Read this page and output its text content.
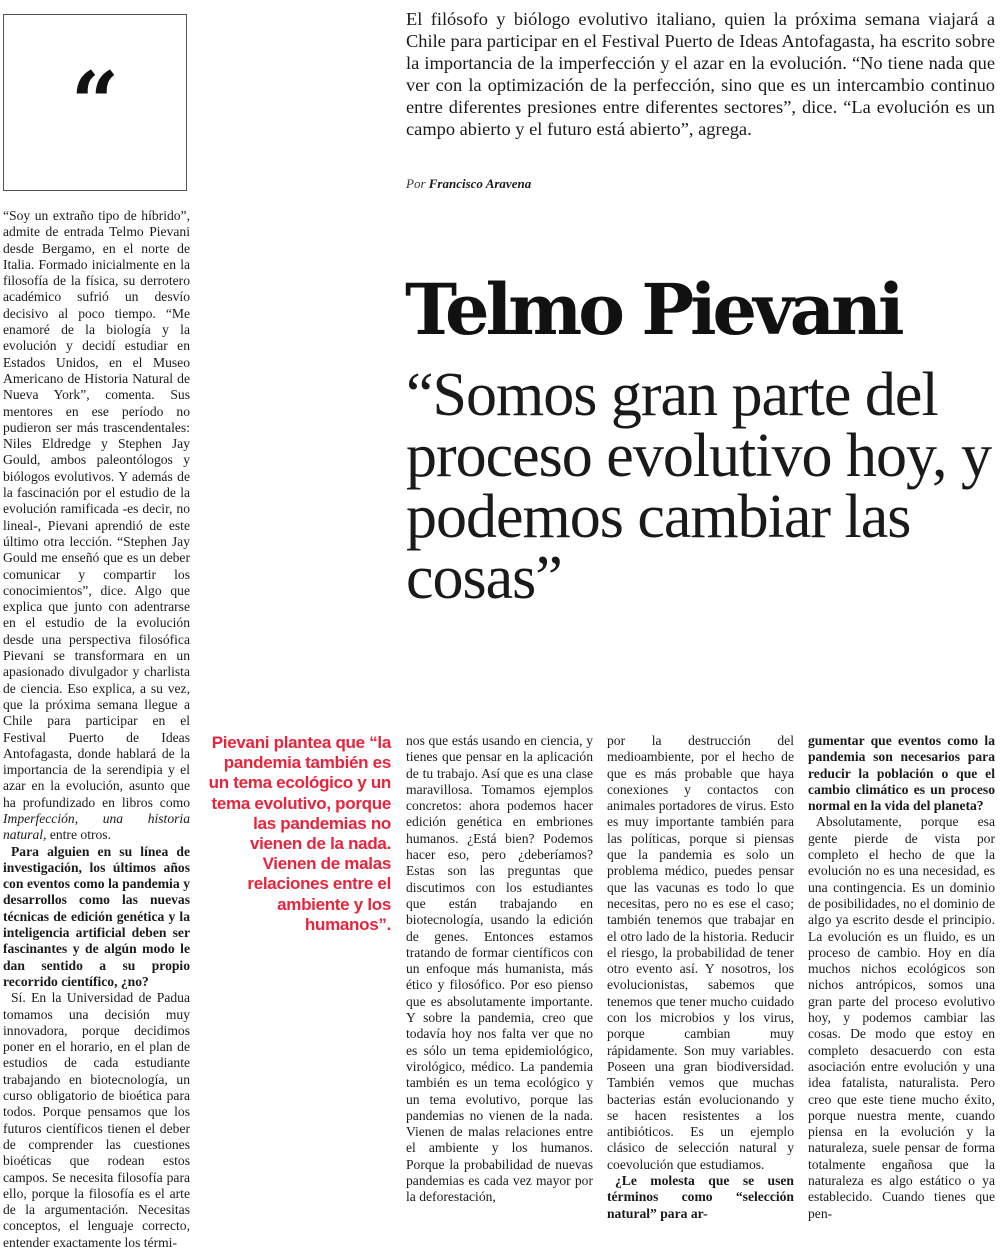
“
El filósofo y biólogo evolutivo italiano, quien la próxima semana viajará a Chile para participar en el Festival Puerto de Ideas Antofagasta, ha escrito sobre la importancia de la imperfección y el azar en la evolución. “No tiene nada que ver con la optimización de la perfección, sino que es un intercambio continuo entre diferentes presiones entre diferentes sectores”, dice. “La evolución es un campo abierto y el futuro está abierto”, agrega.
Por Francisco Aravena
Telmo Pievani
“Somos gran parte del proceso evolutivo hoy, y podemos cambiar las cosas”

“Soy un extraño tipo de híbrido”, admite de entrada Telmo Pievani desde Bergamo, en el norte de Italia. Formado inicialmente en la filosofía de la física, su derrotero académico sufrió un desvío decisivo al poco tiempo. “Me enamoré de la biología y la evolución y decidí estudiar en Estados Unidos, en el Museo Americano de Historia Natural de Nueva York”, comenta. Sus mentores en ese período no pudieron ser más trascendentales: Niles Eldredge y Stephen Jay Gould, ambos paleontólogos y biólogos evolutivos. Y además de la fascinación por el estudio de la evolución ramificada -es decir, no lineal-, Pievani aprendió de este último otra lección. “Stephen Jay Gould me enseñó que es un deber comunicar y compartir los conocimientos”, dice. Algo que explica que junto con adentrarse en el estudio de la evolución desde una perspectiva filosófica Pievani se transformara en un apasionado divulgador y charlista de ciencia. Eso explica, a su vez, que la próxima semana llegue a Chile para participar en el Festival Puerto de Ideas Antofagasta, donde hablará de la importancia de la serendipia y el azar en la evolución, asunto que ha profundizado en libros como Imperfección, una historia natural, entre otros.

Para alguien en su línea de investigación, los últimos años con eventos como la pandemia y desarrollos como las nuevas técnicas de edición genética y la inteligencia artificial deben ser fascinantes y de algún modo le dan sentido a su propio recorrido científico, ¿no?

Sí. En la Universidad de Padua tomamos una decisión muy innovadora, porque decidimos poner en el horario, en el plan de estudios de cada estudiante trabajando en biotecnología, un curso obligatorio de bioética para todos. Porque pensamos que los futuros científicos tienen el deber de comprender las cuestiones bioéticas que rodean estos campos. Se necesita filosofía para ello, porque la filosofía es el arte de la argumentación. Necesitas conceptos, el lenguaje correcto, entender exactamente los térmi-

Pievani plantea que “la pandemia también es un tema ecológico y un tema evolutivo, porque las pandemias no vienen de la nada. Vienen de malas relaciones entre el ambiente y los humanos”.

nos que estás usando en ciencia, y tienes que pensar en la aplicación de tu trabajo. Así que es una clase maravillosa. Tomamos ejemplos concretos: ahora podemos hacer edición genética en embriones humanos. ¿Está bien? Podemos hacer eso, pero ¿deberíamos? Estas son las preguntas que discutimos con los estudiantes que están trabajando en biotecnología, usando la edición de genes. Entonces estamos tratando de formar científicos con un enfoque más humanista, más ético y filosófico. Por eso pienso que es absolutamente importante. Y sobre la pandemia, creo que todavía hoy nos falta ver que no es sólo un tema epidemiológico, virológico, médico. La pandemia también es un tema ecológico y un tema evolutivo, porque las pandemias no vienen de la nada. Vienen de malas relaciones entre el ambiente y los humanos. Porque la probabilidad de nuevas pandemias es cada vez mayor por la deforestación,

por la destrucción del medioambiente, por el hecho de que es más probable que haya conexiones y contactos con animales portadores de virus. Esto es muy importante también para las políticas, porque si piensas que la pandemia es solo un problema médico, puedes pensar que las vacunas es todo lo que necesitas, pero no es ese el caso; también tenemos que trabajar en el otro lado de la historia. Reducir el riesgo, la probabilidad de tener otro evento así. Y nosotros, los evolucionistas, sabemos que tenemos que tener mucho cuidado con los microbios y los virus, porque cambian muy rápidamente. Son muy variables. Poseen una gran biodiversidad. También vemos que muchas bacterias están evolucionando y se hacen resistentes a los antibióticos. Es un ejemplo clásico de selección natural y coevolución que estudiamos.

¿Le molesta que se usen términos como “selección natural” para ar-

gumentar que eventos como la pandemia son necesarios para reducir la población o que el cambio climático es un proceso normal en la vida del planeta?

Absolutamente, porque esa gente pierde de vista por completo el hecho de que la evolución no es una necesidad, es una contingencia. Es un dominio de posibilidades, no el dominio de algo ya escrito desde el principio. La evolución es un fluido, es un proceso de cambio. Hoy en día muchos nichos ecológicos son nichos antrópicos, somos una gran parte del proceso evolutivo hoy, y podemos cambiar las cosas. De modo que estoy en completo desacuerdo con esta asociación entre evolución y una idea fatalista, naturalista. Pero creo que este tiene mucho éxito, porque nuestra mente, cuando piensa en la evolución y la naturaleza, suele pensar de forma totalmente engañosa que la naturaleza es algo estático o ya establecido. Cuando tienes que pen-
